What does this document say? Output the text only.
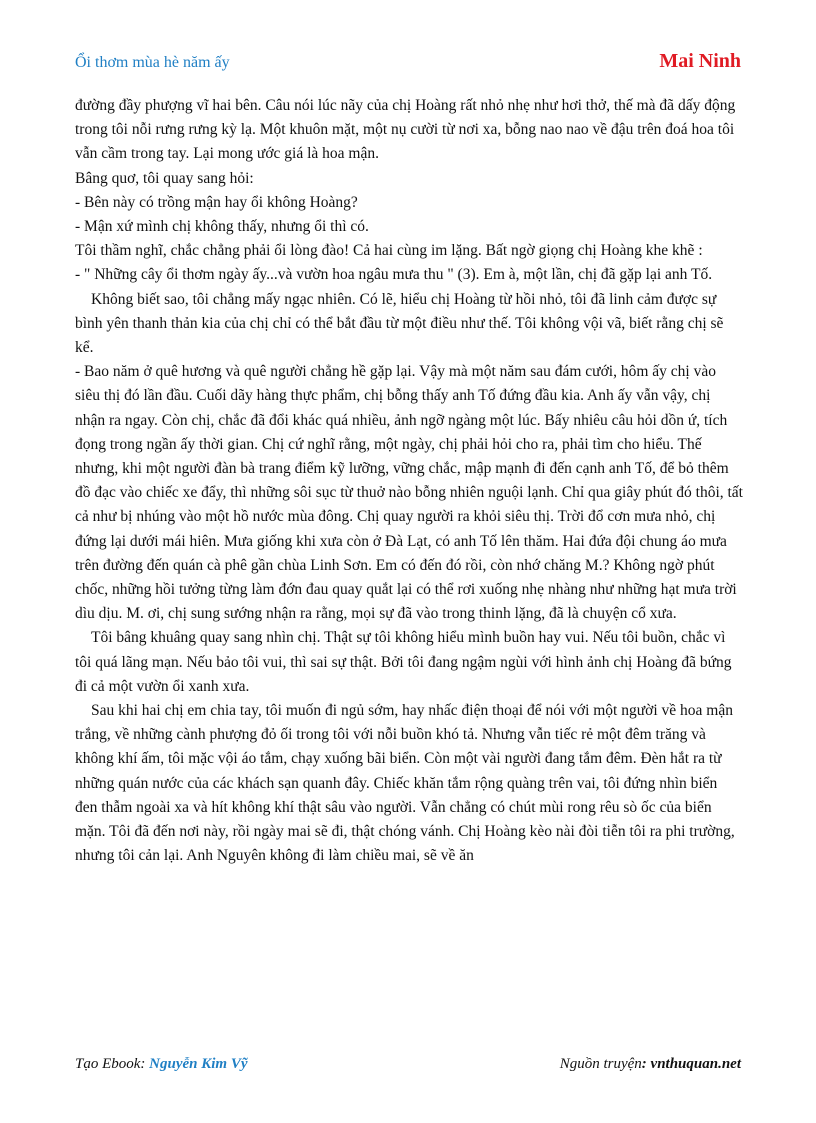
Ổi thơm mùa hè năm ấy	Mai Ninh

đường đầy phượng vĩ hai bên. Câu nói lúc nãy của chị Hoàng rất nhỏ nhẹ như hơi thở, thế mà đã dấy động trong tôi nỗi rưng rưng kỳ lạ. Một khuôn mặt, một nụ cười từ nơi xa, bỗng nao nao về đậu trên đoá hoa tôi vẫn cầm trong tay. Lại mong ước giá là hoa mận.

Bâng quơ, tôi quay sang hỏi:

- Bên này có trồng mận hay ổi không Hoàng?

- Mận xứ mình chị không thấy, nhưng ổi thì có.

Tôi thầm nghĩ, chắc chẳng phải ổi lòng đào! Cả hai cùng im lặng. Bất ngờ giọng chị Hoàng khe khẽ :

- " Những cây ổi thơm ngày ấy...và vườn hoa ngâu mưa thu " (3). Em à, một lần, chị đã gặp lại anh Tố.

Không biết sao, tôi chẳng mấy ngạc nhiên. Có lẽ, hiểu chị Hoàng từ hồi nhỏ, tôi đã linh cảm được sự bình yên thanh thản kia của chị chỉ có thể bắt đầu từ một điều như thế. Tôi không vội vã, biết rằng chị sẽ kể.

- Bao năm ở quê hương và quê người chẳng hề gặp lại. Vậy mà một năm sau đám cưới, hôm ấy chị vào siêu thị đó lần đầu. Cuối dãy hàng thực phẩm, chị bỗng thấy anh Tố đứng đầu kia. Anh ấy vẫn vậy, chị nhận ra ngay. Còn chị, chắc đã đổi khác quá nhiều, ảnh ngỡ ngàng một lúc. Bấy nhiêu câu hỏi dồn ứ, tích đọng trong ngần ấy thời gian. Chị cứ nghĩ rằng, một ngày, chị phải hỏi cho ra, phải tìm cho hiểu. Thế nhưng, khi một người đàn bà trang điểm kỹ lưỡng, vững chắc, mập mạnh đi đến cạnh anh Tố, để bỏ thêm đồ đạc vào chiếc xe đẩy, thì những sôi sục từ thuở nào bỗng nhiên nguội lạnh. Chỉ qua giây phút đó thôi, tất cả như bị nhúng vào một hồ nước mùa đông. Chị quay người ra khỏi siêu thị. Trời đổ cơn mưa nhỏ, chị đứng lại dưới mái hiên. Mưa giống khi xưa còn ở Đà Lạt, có anh Tố lên thăm. Hai đứa đội chung áo mưa trên đường đến quán cà phê gần chùa Linh Sơn. Em có đến đó rồi, còn nhớ chăng M.? Không ngờ phút chốc, những hồi tưởng từng làm đớn đau quay quắt lại có thể rơi xuống nhẹ nhàng như những hạt mưa trời dìu dịu. M. ơi, chị sung sướng nhận ra rằng, mọi sự đã vào trong thinh lặng, đã là chuyện cổ xưa.

Tôi bâng khuâng quay sang nhìn chị. Thật sự tôi không hiểu mình buồn hay vui. Nếu tôi buồn, chắc vì tôi quá lãng mạn. Nếu bảo tôi vui, thì sai sự thật. Bởi tôi đang ngậm ngùi với hình ảnh chị Hoàng đã bứng đi cả một vườn ổi xanh xưa.

Sau khi hai chị em chia tay, tôi muốn đi ngủ sớm, hay nhấc điện thoại để nói với một người về hoa mận trắng, về những cành phượng đỏ ối trong tôi với nỗi buồn khó tả. Nhưng vẫn tiếc rẻ một đêm trăng và không khí ấm, tôi mặc vội áo tắm, chạy xuống bãi biển. Còn một vài người đang tắm đêm. Đèn hắt ra từ những quán nước của các khách sạn quanh đây. Chiếc khăn tắm rộng quàng trên vai, tôi đứng nhìn biển đen thẫm ngoài xa và hít không khí thật sâu vào người. Vẫn chẳng có chút mùi rong rêu sò ốc của biển mặn. Tôi đã đến nơi này, rồi ngày mai sẽ đi, thật chóng vánh. Chị Hoàng kèo nài đòi tiễn tôi ra phi trường, nhưng tôi cản lại. Anh Nguyên không đi làm chiều mai, sẽ về ăn

Tạo Ebook: Nguyễn Kim Vỹ	Nguồn truyện: vnthuquan.net
